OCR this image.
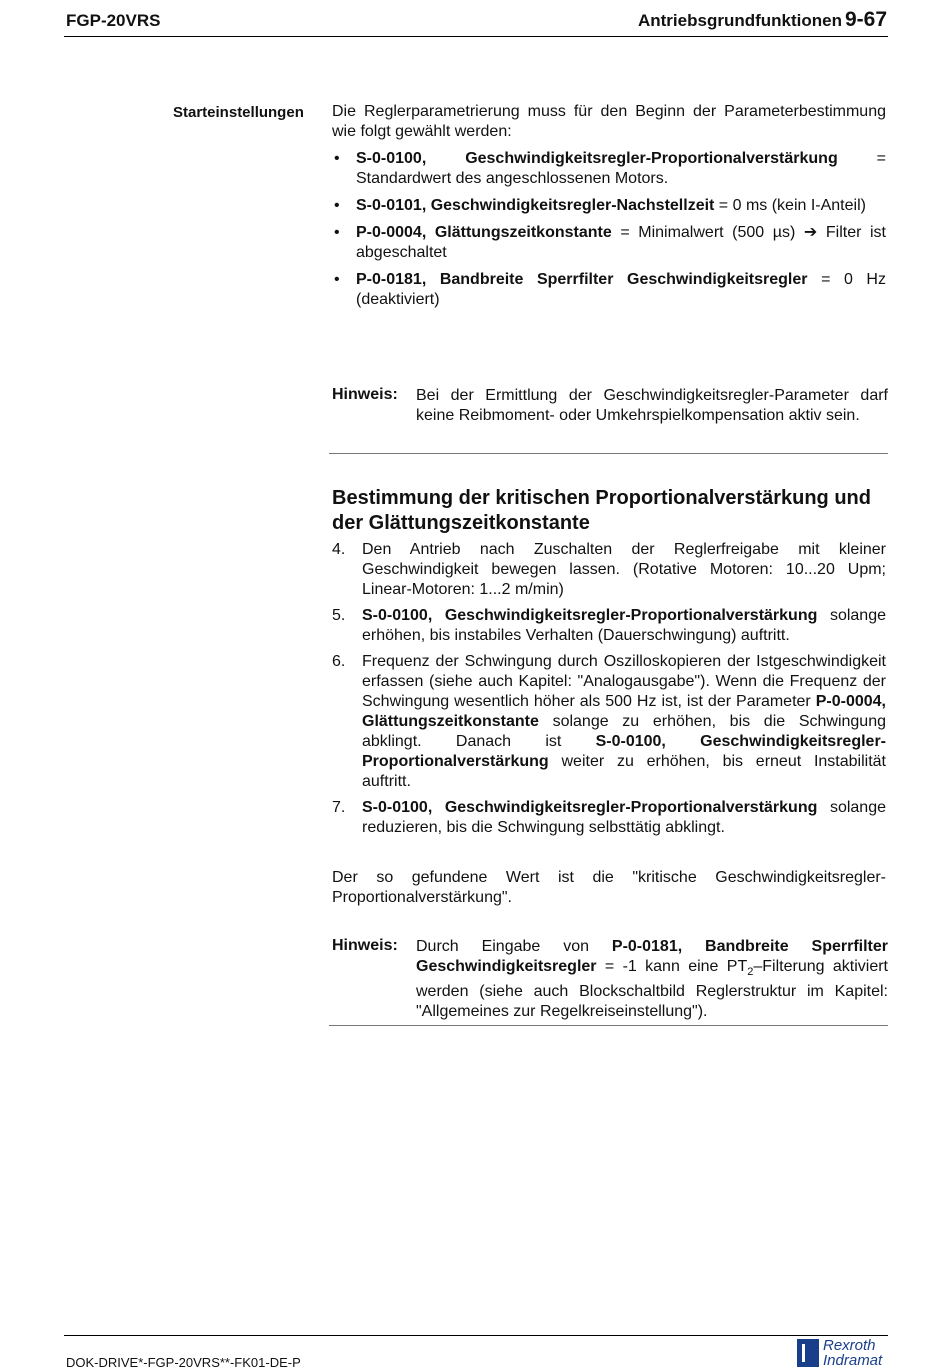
FGP-20VRS	Antriebsgrundfunktionen 9-67
Starteinstellungen Die Reglerparametrierung muss für den Beginn der Parameterbestimmung wie folgt gewählt werden:
• S-0-0100, Geschwindigkeitsregler-Proportionalverstärkung = Standardwert des angeschlossenen Motors.
• S-0-0101, Geschwindigkeitsregler-Nachstellzeit = 0 ms (kein I-Anteil)
• P-0-0004, Glättungszeitkonstante = Minimalwert (500 µs) ➔ Filter ist abgeschaltet
• P-0-0181, Bandbreite Sperrfilter Geschwindigkeitsregler = 0 Hz (deaktiviert)
Hinweis: Bei der Ermittlung der Geschwindigkeitsregler-Parameter darf keine Reibmoment- oder Umkehrspielkompensation aktiv sein.
Bestimmung der kritischen Proportionalverstärkung und der Glättungszeitkonstante
4. Den Antrieb nach Zuschalten der Reglerfreigabe mit kleiner Geschwindigkeit bewegen lassen. (Rotative Motoren: 10...20 Upm; Linear-Motoren: 1...2 m/min)
5. S-0-0100, Geschwindigkeitsregler-Proportionalverstärkung solange erhöhen, bis instabiles Verhalten (Dauerschwingung) auftritt.
6. Frequenz der Schwingung durch Oszilloskopieren der Istgeschwindigkeit erfassen (siehe auch Kapitel: "Analogausgabe"). Wenn die Frequenz der Schwingung wesentlich höher als 500 Hz ist, ist der Parameter P-0-0004, Glättungszeitkonstante solange zu erhöhen, bis die Schwingung abklingt. Danach ist S-0-0100, Geschwindigkeitsregler-Proportionalverstärkung weiter zu erhöhen, bis erneut Instabilität auftritt.
7. S-0-0100, Geschwindigkeitsregler-Proportionalverstärkung solange reduzieren, bis die Schwingung selbsttätig abklingt.
Der so gefundene Wert ist die "kritische Geschwindigkeitsregler-Proportionalverstärkung".
Hinweis: Durch Eingabe von P-0-0181, Bandbreite Sperrfilter Geschwindigkeitsregler = -1 kann eine $PT_2$–Filterung aktiviert werden (siehe auch Blockschaltbild Reglerstruktur im Kapitel: "Allgemeines zur Regelkreiseinstellung").
DOK-DRIVE*-FGP-20VRS**-FK01-DE-P
Rexroth
Indramat
